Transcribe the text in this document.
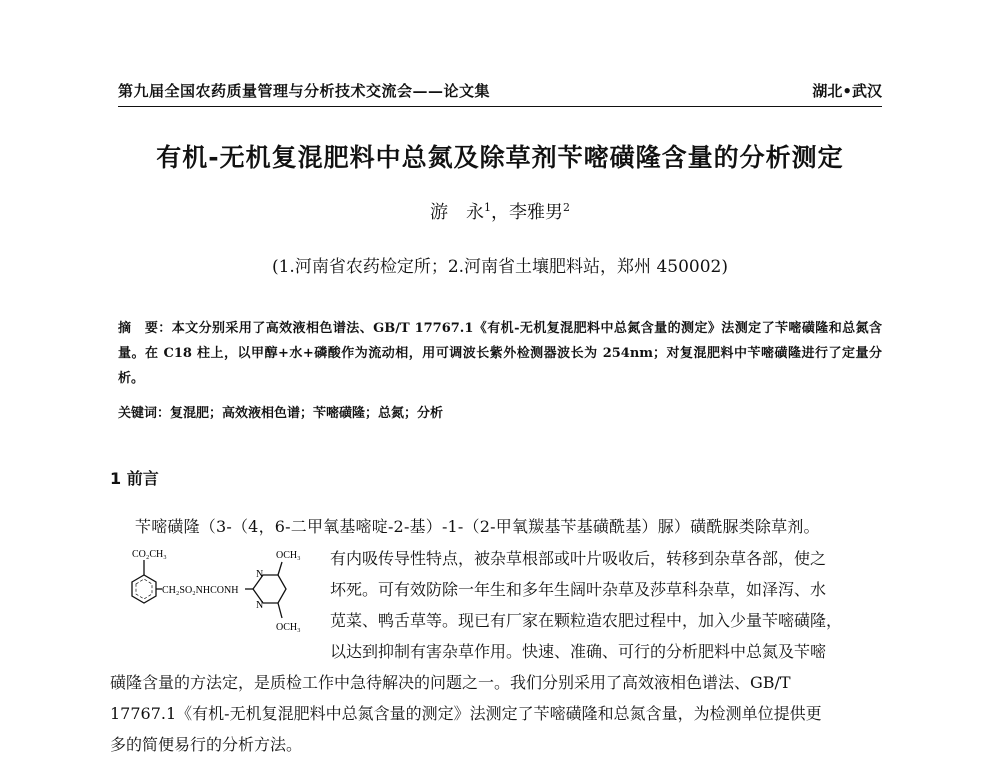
第九届全国农药质量管理与分析技术交流会——论文集	湖北•武汉
有机-无机复混肥料中总氮及除草剂苄嘧磺隆含量的分析测定
游　永$^1$，李雅男$^2$
(1.河南省农药检定所；2.河南省土壤肥料站，郑州 450002)

摘　要：本文分别采用了高效液相色谱法、GB/T 17767.1《有机-无机复混肥料中总氮含量的测定》法测定了苄嘧磺隆和总氮含量。在 C18 柱上，以甲醇+水+磷酸作为流动相，用可调波长紫外检测器波长为 254nm；对复混肥料中苄嘧磺隆进行了定量分析。

关键词：复混肥；高效液相色谱；苄嘧磺隆；总氮；分析
1 前言
苄嘧磺隆（3-（4，6-二甲氧基嘧啶-2-基）-1-（2-甲氧羰基苄基磺酰基）脲）磺酰脲类除草剂。
有内吸传导性特点，被杂草根部或叶片吸收后，转移到杂草各部，使之
坏死。可有效防除一年生和多年生阔叶杂草及莎草科杂草，如泽泻、水
苋菜、鸭舌草等。现已有厂家在颗粒造农肥过程中，加入少量苄嘧磺隆，
以达到抑制有害杂草作用。快速、准确、可行的分析肥料中总氮及苄嘧
磺隆含量的方法定，是质检工作中急待解决的问题之一。我们分别采用了高效液相色谱法、GB/T
17767.1《有机-无机复混肥料中总氮含量的测定》法测定了苄嘧磺隆和总氮含量，为检测单位提供更
多的简便易行的分析方法。
CO₂CH₃
CH₂SO₂NHCONH
N
N
OCH₃
OCH₃
